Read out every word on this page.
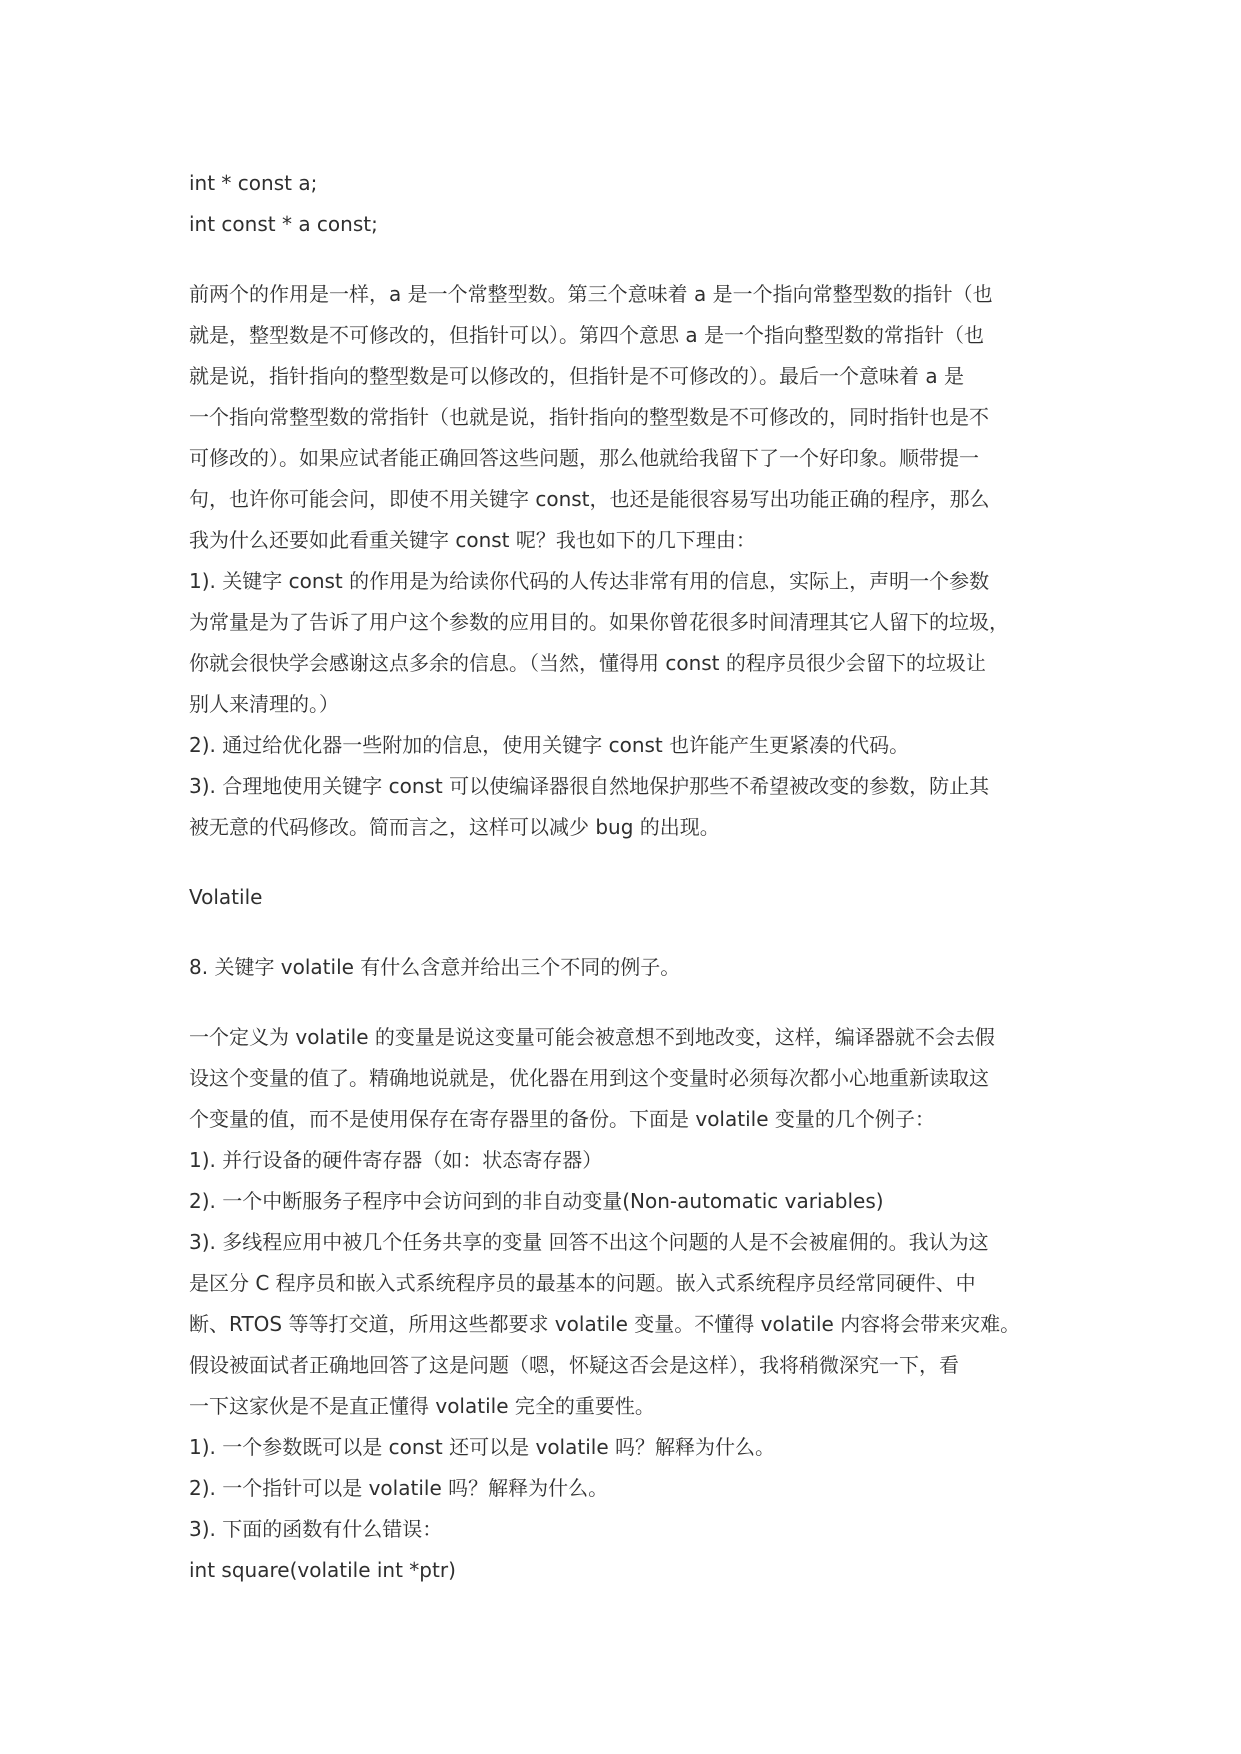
int * const a;

int const * a const;

前两个的作用是一样，a 是一个常整型数。第三个意味着 a 是一个指向常整型数的指针（也

就是，整型数是不可修改的，但指针可以）。第四个意思 a 是一个指向整型数的常指针（也

就是说，指针指向的整型数是可以修改的，但指针是不可修改的）。最后一个意味着 a 是

一个指向常整型数的常指针（也就是说，指针指向的整型数是不可修改的，同时指针也是不

可修改的）。如果应试者能正确回答这些问题，那么他就给我留下了一个好印象。顺带提一

句，也许你可能会问，即使不用关键字 const，也还是能很容易写出功能正确的程序，那么

我为什么还要如此看重关键字 const 呢？我也如下的几下理由：

1). 关键字 const 的作用是为给读你代码的人传达非常有用的信息，实际上，声明一个参数

为常量是为了告诉了用户这个参数的应用目的。如果你曾花很多时间清理其它人留下的垃圾，

你就会很快学会感谢这点多余的信息。（当然，懂得用 const 的程序员很少会留下的垃圾让

别人来清理的。）

2). 通过给优化器一些附加的信息，使用关键字 const 也许能产生更紧凑的代码。

3). 合理地使用关键字 const 可以使编译器很自然地保护那些不希望被改变的参数，防止其

被无意的代码修改。简而言之，这样可以减少 bug 的出现。

Volatile

8. 关键字 volatile 有什么含意并给出三个不同的例子。

一个定义为 volatile 的变量是说这变量可能会被意想不到地改变，这样，编译器就不会去假

设这个变量的值了。精确地说就是，优化器在用到这个变量时必须每次都小心地重新读取这

个变量的值，而不是使用保存在寄存器里的备份。下面是 volatile 变量的几个例子：

1). 并行设备的硬件寄存器（如：状态寄存器）

2). 一个中断服务子程序中会访问到的非自动变量(Non-automatic variables)

3). 多线程应用中被几个任务共享的变量 回答不出这个问题的人是不会被雇佣的。我认为这

是区分 C 程序员和嵌入式系统程序员的最基本的问题。嵌入式系统程序员经常同硬件、中

断、RTOS 等等打交道，所用这些都要求 volatile 变量。不懂得 volatile 内容将会带来灾难。

假设被面试者正确地回答了这是问题（嗯，怀疑这否会是这样），我将稍微深究一下，看

一下这家伙是不是直正懂得 volatile 完全的重要性。

1). 一个参数既可以是 const 还可以是 volatile 吗？解释为什么。

2). 一个指针可以是 volatile 吗？解释为什么。

3). 下面的函数有什么错误：

int square(volatile int *ptr)
